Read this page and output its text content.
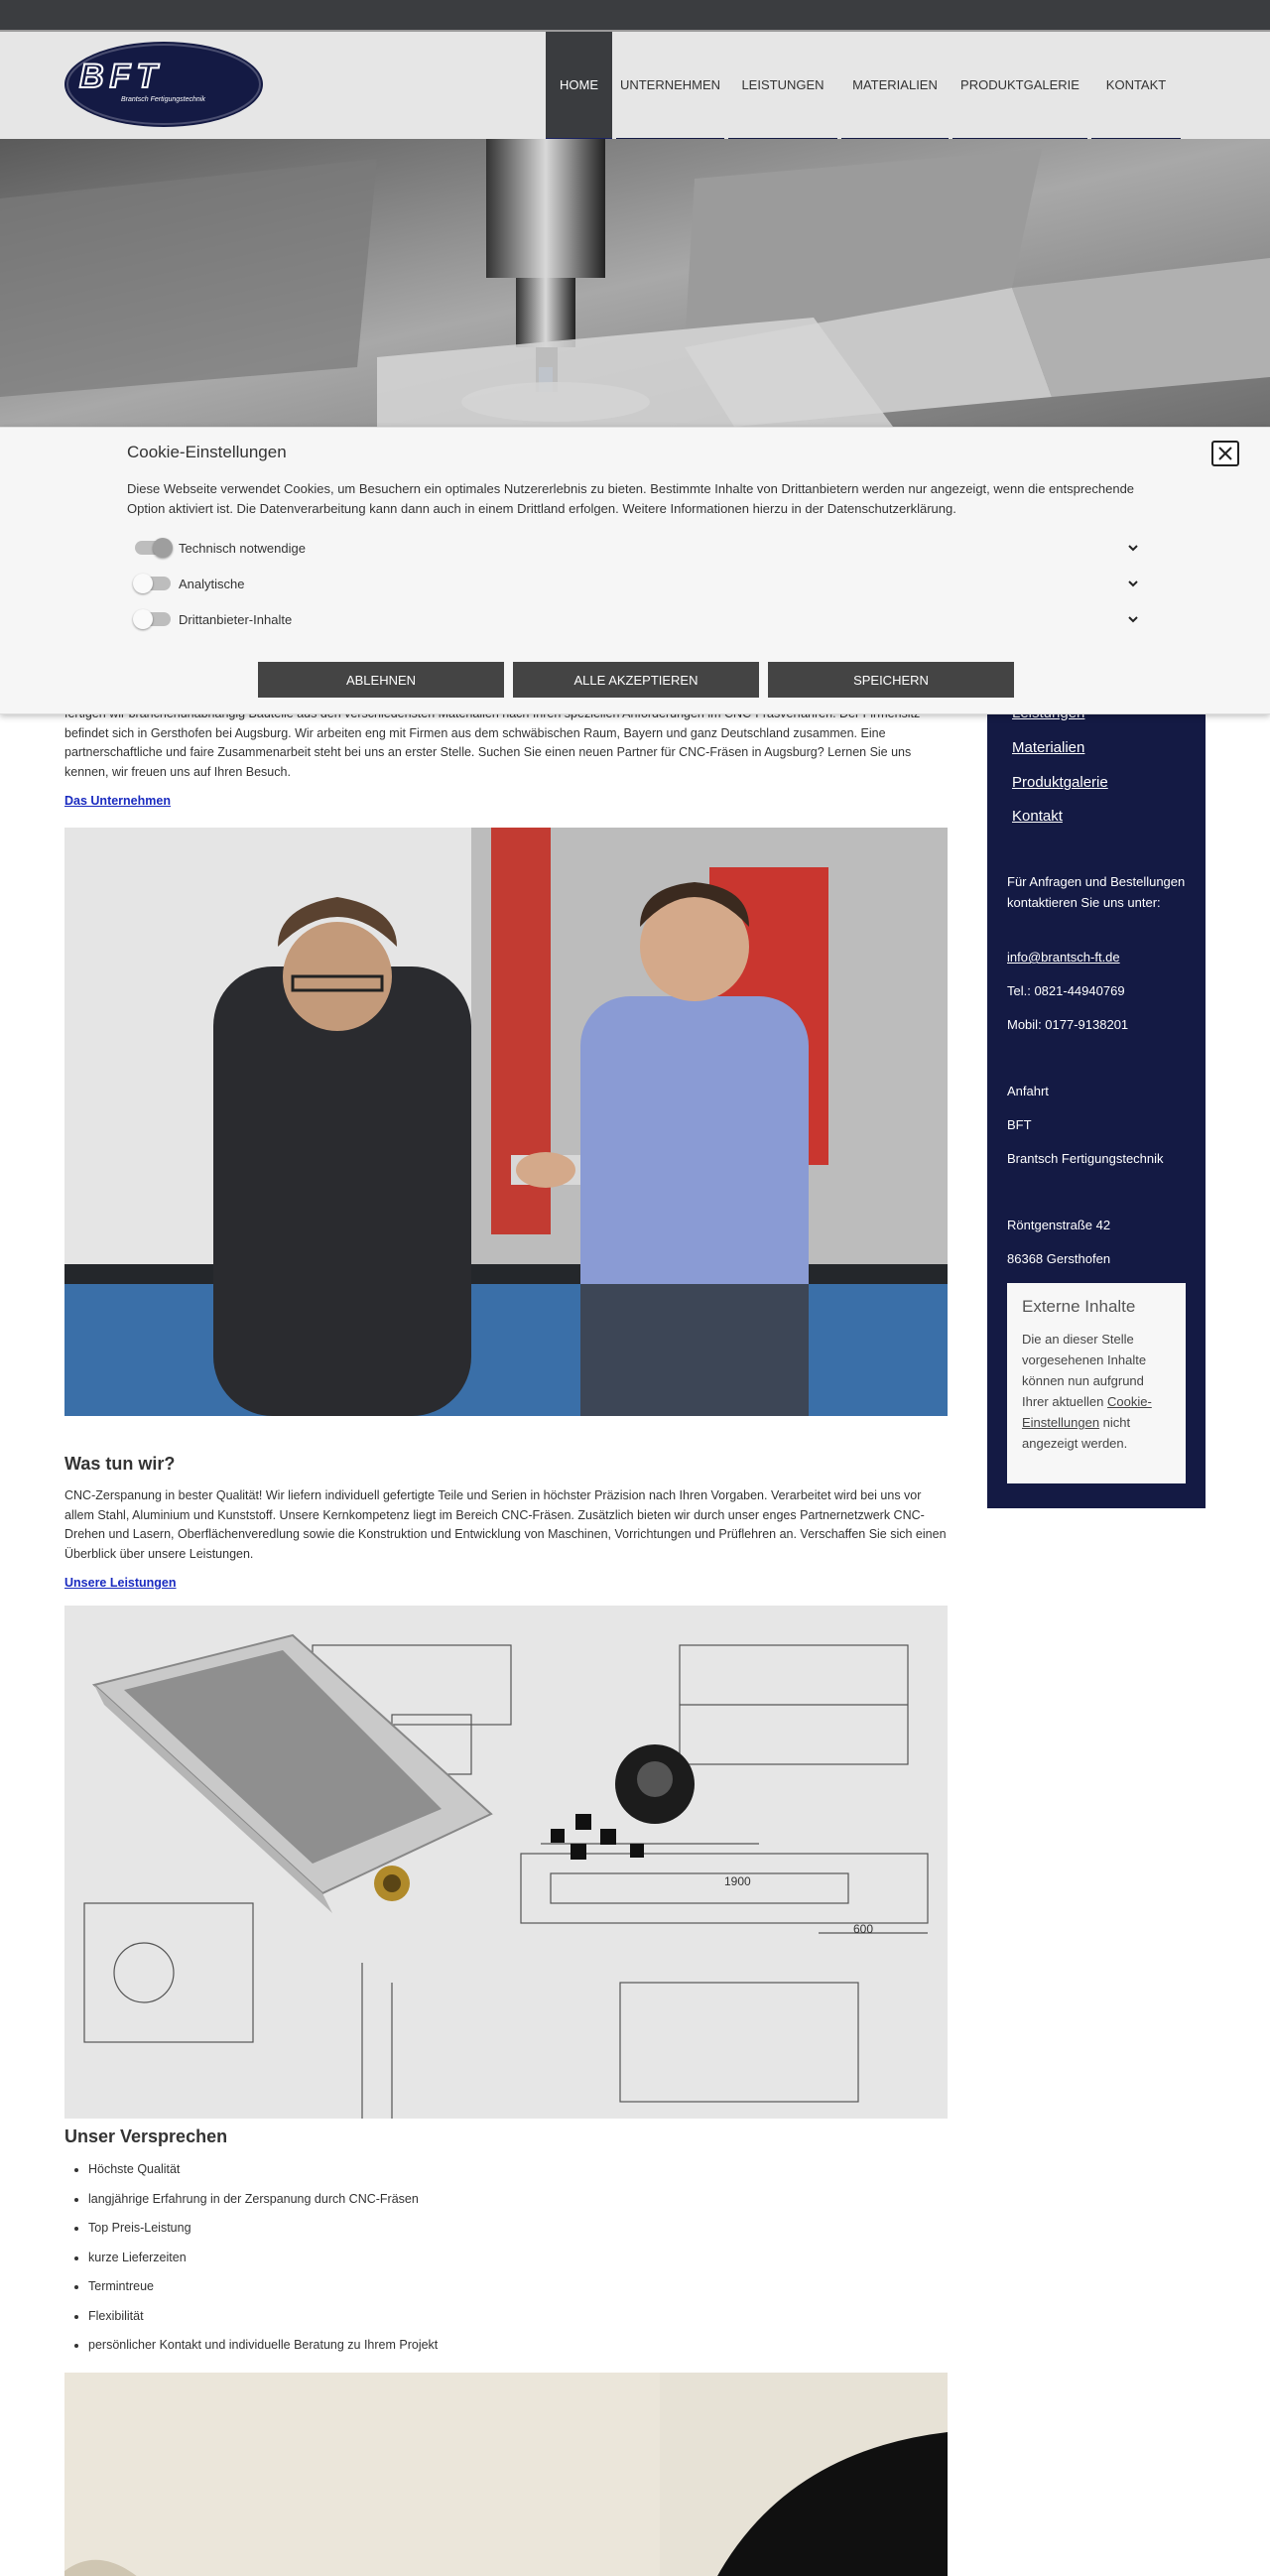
BFT
Brantsch Fertigungstechnik
HOME	UNTERNEHMEN	LEISTUNGEN	MATERIALIEN	PRODUKTGALERIE	KONTAKT

befindet sich in Gersthofen bei Augsburg. Wir arbeiten eng mit Firmen aus dem schwäbischen Raum, Bayern und ganz Deutschland zusammen. Eine partnerschaftliche und faire Zusammenarbeit steht bei uns an erster Stelle. Suchen Sie einen neuen Partner für CNC-Fräsen in Augsburg? Lernen Sie uns kennen, wir freuen uns auf Ihren Besuch.

Das Unternehmen
Was tun wir?

CNC-Zerspanung in bester Qualität! Wir liefern individuell gefertigte Teile und Serien in höchster Präzision nach Ihren Vorgaben. Verarbeitet wird bei uns vor allem Stahl, Aluminium und Kunststoff. Unsere Kernkompetenz liegt im Bereich CNC-Fräsen. Zusätzlich bieten wir durch unser enges Partnernetzwerk CNC-Drehen und Lasern, Oberflächenveredlung sowie die Konstruktion und Entwicklung von Maschinen, Vorrichtungen und Prüflehren an. Verschaffen Sie sich einen Überblick über unsere Leistungen.

Unsere Leistungen
1900
600
Unser Versprechen
• Höchste Qualität
• langjährige Erfahrung in der Zerspanung durch CNC-Fräsen
• Top Preis-Leistung
• kurze Lieferzeiten
• Termintreue
• Flexibilität
• persönlicher Kontakt und individuelle Beratung zu Ihrem Projekt
Materialien
Produktgalerie
Kontakt

Für Anfragen und Bestellungen kontaktieren Sie uns unter:

info@brantsch-ft.de

Tel.: 0821-44940769

Mobil: 0177-9138201

Anfahrt

BFT

Brantsch Fertigungstechnik

Röntgenstraße 42

86368 Gersthofen

Externe Inhalte

Die an dieser Stelle vorgesehenen Inhalte können nun aufgrund Ihrer aktuellen Cookie-Einstellungen nicht angezeigt werden.

Cookie-Einstellungen

Diese Webseite verwendet Cookies, um Besuchern ein optimales Nutzererlebnis zu bieten. Bestimmte Inhalte von Drittanbietern werden nur angezeigt, wenn die entsprechende Option aktiviert ist. Die Datenverarbeitung kann dann auch in einem Drittland erfolgen. Weitere Informationen hierzu in der Datenschutzerklärung.

Technisch notwendige
Analytische
Drittanbieter-Inhalte
ABLEHNEN	ALLE AKZEPTIEREN	SPEICHERN
